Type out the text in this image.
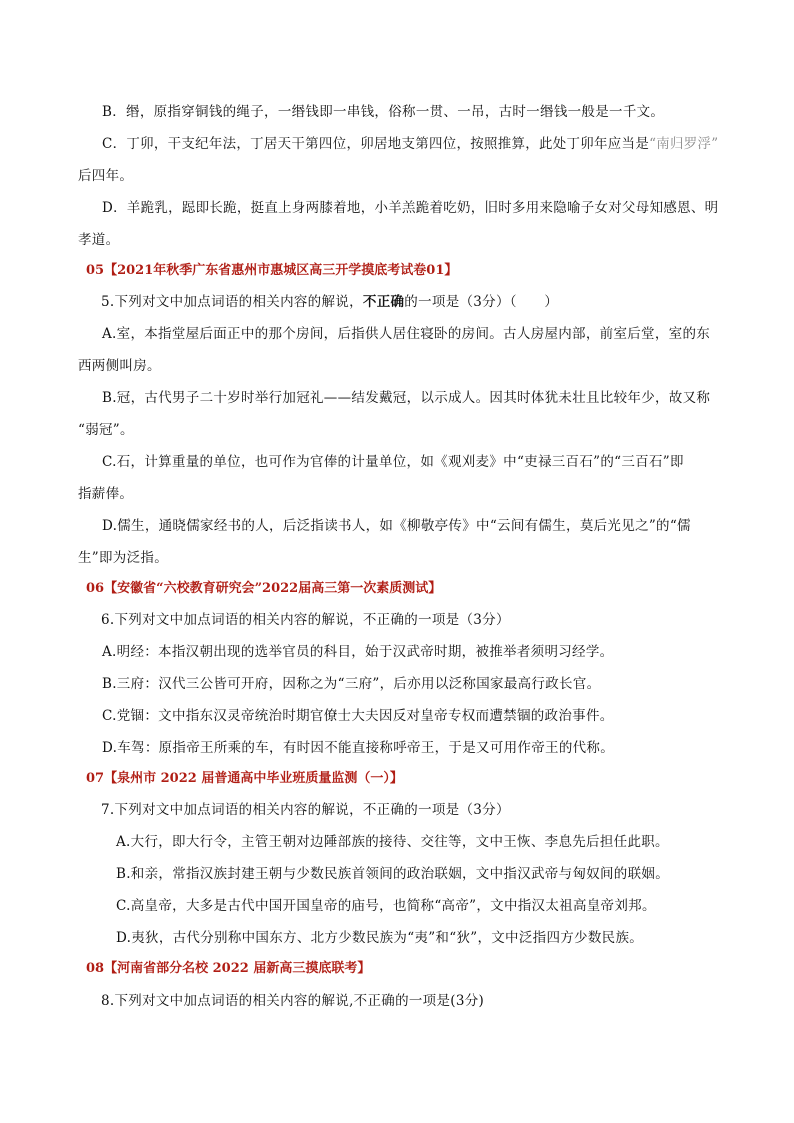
B．缗，原指穿铜钱的绳子，一缗钱即一串钱，俗称一贯、一吊，古时一缗钱一般是一千文。
C．丁卯，干支纪年法，丁居天干第四位，卯居地支第四位，按照推算，此处丁卯年应当是“南归罗浮”
后四年。
D．羊跪乳，跽即长跪，挺直上身两膝着地，小羊羔跪着吃奶，旧时多用来隐喻子女对父母知感恩、明
孝道。
05【2021年秋季广东省惠州市惠城区高三开学摸底考试卷01】
5.下列对文中加点词语的相关内容的解说，不正确的一项是（3分）（　　）
A.室，本指堂屋后面正中的那个房间，后指供人居住寝卧的房间。古人房屋内部，前室后堂，室的东
西两侧叫房。
B.冠，古代男子二十岁时举行加冠礼——结发戴冠，以示成人。因其时体犹未壮且比较年少，故又称
“弱冠”。
C.石，计算重量的单位，也可作为官俸的计量单位，如《观刈麦》中“吏禄三百石”的“三百石”即
指薪俸。
D.儒生，通晓儒家经书的人，后泛指读书人，如《柳敬亭传》中“云间有儒生，莫后光见之”的“儒
生”即为泛指。
06【安徽省“六校教育研究会”2022届高三第一次素质测试】
6.下列对文中加点词语的相关内容的解说，不正确的一项是（3分）
A.明经：本指汉朝出现的选举官员的科目，始于汉武帝时期，被推举者须明习经学。
B.三府：汉代三公皆可开府，因称之为“三府”，后亦用以泛称国家最高行政长官。
C.党锢：文中指东汉灵帝统治时期官僚士大夫因反对皇帝专权而遭禁锢的政治事件。
D.车驾：原指帝王所乘的车，有时因不能直接称呼帝王，于是又可用作帝王的代称。
07【泉州市 2022 届普通高中毕业班质量监测（一）】
7.下列对文中加点词语的相关内容的解说，不正确的一项是（3分）
A.大行，即大行令，主管王朝对边陲部族的接待、交往等，文中王恢、李息先后担任此职。
B.和亲，常指汉族封建王朝与少数民族首领间的政治联姻，文中指汉武帝与匈奴间的联姻。
C.高皇帝，大多是古代中国开国皇帝的庙号，也简称“高帝”，文中指汉太祖高皇帝刘邦。
D.夷狄，古代分别称中国东方、北方少数民族为“夷”和“狄”，文中泛指四方少数民族。
08【河南省部分名校 2022 届新高三摸底联考】
8.下列对文中加点词语的相关内容的解说,不正确的一项是(3分)
